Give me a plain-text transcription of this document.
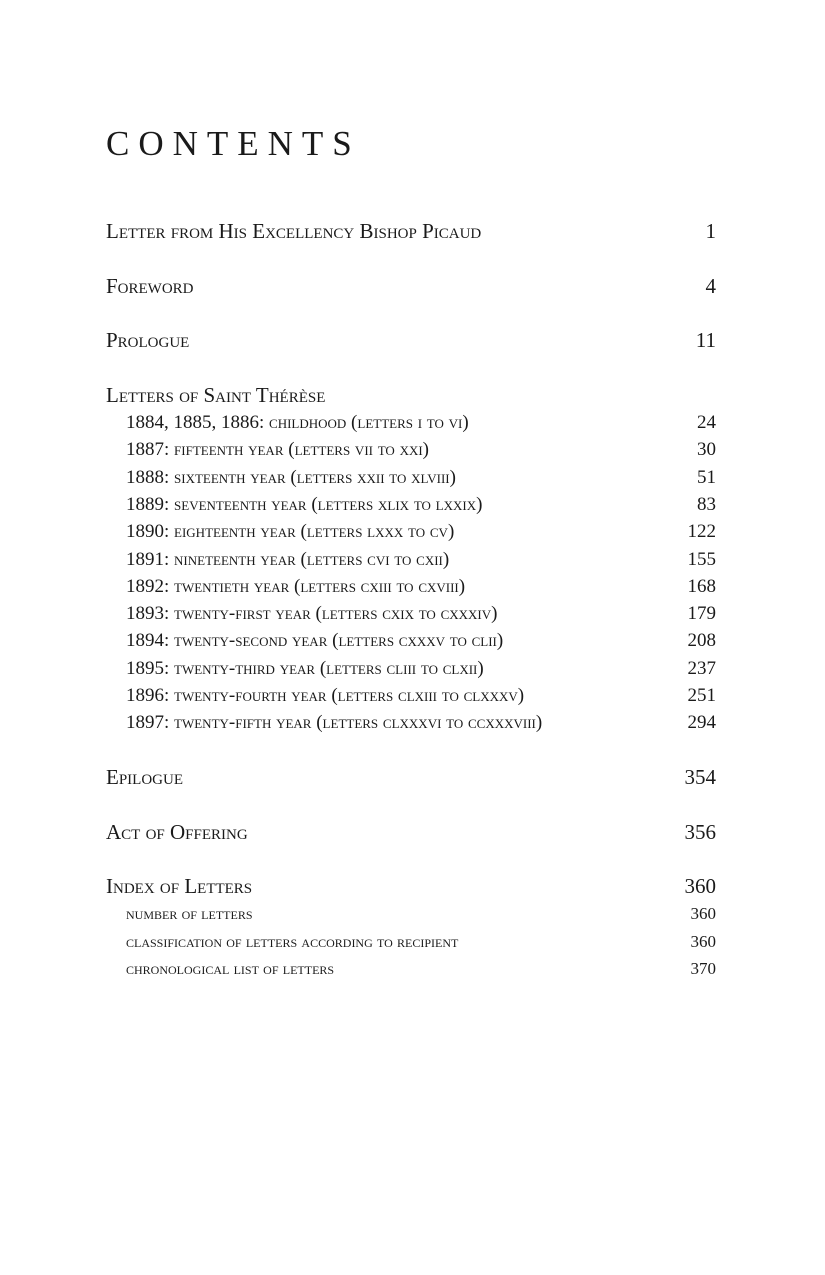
CONTENTS
Letter from His Excellency Bishop Picaud	1
Foreword	4
Prologue	11
Letters of Saint Thérèse
1884, 1885, 1886: childhood (letters i to vi)	24
1887: fifteenth year (letters vii to xxi)	30
1888: sixteenth year (letters xxii to xlviii)	51
1889: seventeenth year (letters xlix to lxxix)	83
1890: eighteenth year (letters lxxx to cv)	122
1891: nineteenth year (letters cvi to cxii)	155
1892: twentieth year (letters cxiii to cxviii)	168
1893: twenty-first year (letters cxix to cxxxiv)	179
1894: twenty-second year (letters cxxxv to clii)	208
1895: twenty-third year (letters cliii to clxii)	237
1896: twenty-fourth year (letters clxiii to clxxxv)	251
1897: twenty-fifth year (letters clxxxvi to ccxxxviii)	294
Epilogue	354
Act of Offering	356
Index of Letters	360
number of letters	360
classification of letters according to recipient	360
chronological list of letters	370
